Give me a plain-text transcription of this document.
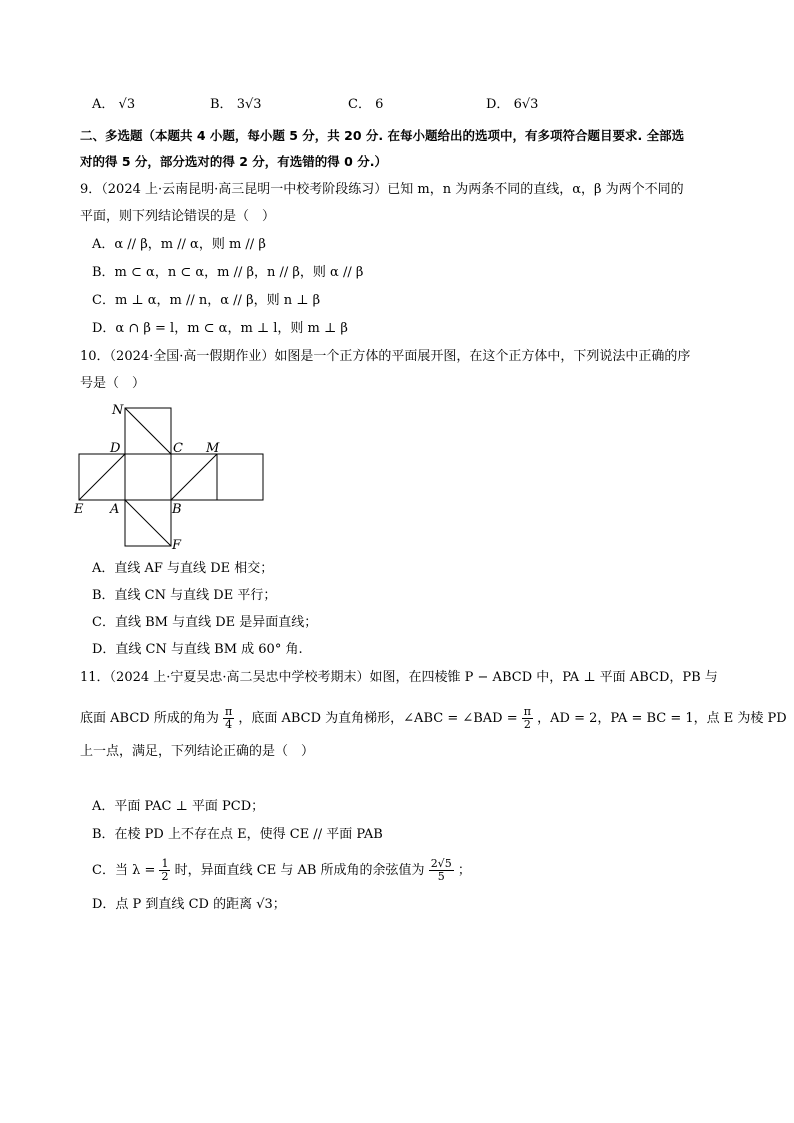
A． √3	B． 3√3	C． 6	D． 6√3
二、多选题（本题共 4 小题，每小题 5 分，共 20 分. 在每小题给出的选项中，有多项符合题目要求. 全部选
对的得 5 分，部分选对的得 2 分，有选错的得 0 分.）
9．（2024 上·云南昆明·高三昆明一中校考阶段练习）已知 m，n 为两条不同的直线，α，β 为两个不同的
平面，则下列结论错误的是（　）
A．α // β，m // α，则 m // β
B．m ⊂ α，n ⊂ α，m // β，n // β，则 α // β
C．m ⊥ α，m // n，α // β，则 n ⊥ β
D．α ∩ β = l，m ⊂ α，m ⊥ l，则 m ⊥ β
10．（2024·全国·高一假期作业）如图是一个正方体的平面展开图，在这个正方体中，下列说法中正确的序
号是（　）
N
D	C M
E A	B
F
A．直线 AF 与直线 DE 相交；
B．直线 CN 与直线 DE 平行；
C．直线 BM 与直线 DE 是异面直线；
D．直线 CN 与直线 BM 成 60° 角.
11．（2024 上·宁夏吴忠·高二吴忠中学校考期末）如图，在四棱锥 P − ABCD 中，PA ⊥ 平面 ABCD，PB 与
底面 ABCD 所成的角为 $\frac{\pi}{4}$ ，底面 ABCD 为直角梯形，∠ABC = ∠BAD = $\frac{\pi}{2}$ ，AD = 2，PA = BC = 1，点 E 为棱 PD
上一点，满足，下列结论正确的是（　）
A．平面 PAC ⊥ 平面 PCD；
B．在棱 PD 上不存在点 E，使得 CE // 平面 PAB
C．当 $\lambda = \frac{1}{2}$ 时，异面直线 CE 与 AB 所成角的余弦值为 $\frac{2√5}{5}$ ；
D．点 P 到直线 CD 的距离 √3；
